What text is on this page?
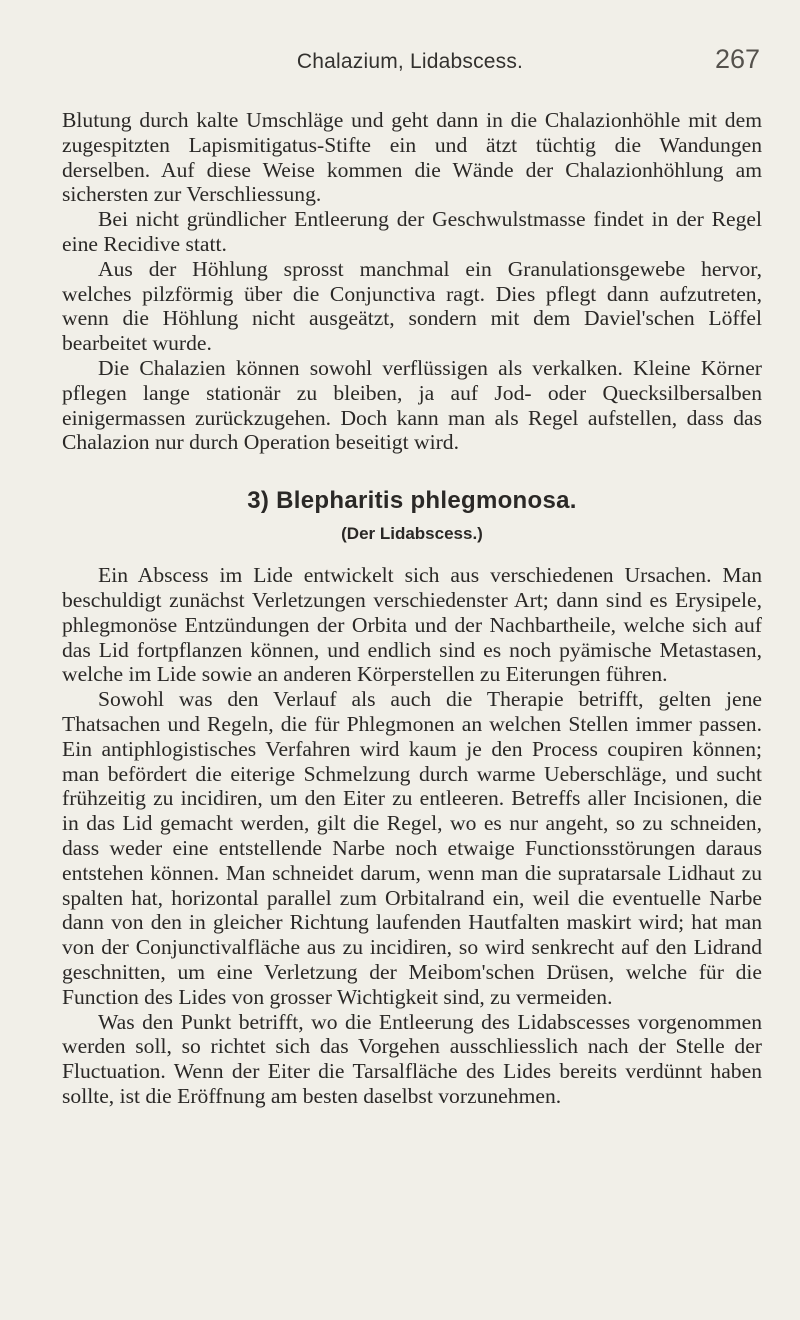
Chalazium, Lidabscess.	267

Blutung durch kalte Umschläge und geht dann in die Chalazionhöhle mit dem zugespitzten Lapismitigatus-Stifte ein und ätzt tüchtig die Wandungen derselben. Auf diese Weise kommen die Wände der Chalazionhöhlung am sichersten zur Verschliessung.

Bei nicht gründlicher Entleerung der Geschwulstmasse findet in der Regel eine Recidive statt.

Aus der Höhlung sprosst manchmal ein Granulationsgewebe hervor, welches pilzförmig über die Conjunctiva ragt. Dies pflegt dann aufzutreten, wenn die Höhlung nicht ausgeätzt, sondern mit dem Daviel'schen Löffel bearbeitet wurde.

Die Chalazien können sowohl verflüssigen als verkalken. Kleine Körner pflegen lange stationär zu bleiben, ja auf Jod- oder Quecksilbersalben einigermassen zurückzugehen. Doch kann man als Regel aufstellen, dass das Chalazion nur durch Operation beseitigt wird.

3) Blepharitis phlegmonosa.
(Der Lidabscess.)

Ein Abscess im Lide entwickelt sich aus verschiedenen Ursachen. Man beschuldigt zunächst Verletzungen verschiedenster Art; dann sind es Erysipele, phlegmonöse Entzündungen der Orbita und der Nachbartheile, welche sich auf das Lid fortpflanzen können, und endlich sind es noch pyämische Metastasen, welche im Lide sowie an anderen Körperstellen zu Eiterungen führen.

Sowohl was den Verlauf als auch die Therapie betrifft, gelten jene Thatsachen und Regeln, die für Phlegmonen an welchen Stellen immer passen. Ein antiphlogistisches Verfahren wird kaum je den Process coupiren können; man befördert die eiterige Schmelzung durch warme Ueberschläge, und sucht frühzeitig zu incidiren, um den Eiter zu entleeren. Betreffs aller Incisionen, die in das Lid gemacht werden, gilt die Regel, wo es nur angeht, so zu schneiden, dass weder eine entstellende Narbe noch etwaige Functionsstörungen daraus entstehen können. Man schneidet darum, wenn man die supratarsale Lidhaut zu spalten hat, horizontal parallel zum Orbitalrand ein, weil die eventuelle Narbe dann von den in gleicher Richtung laufenden Hautfalten maskirt wird; hat man von der Conjunctivalfläche aus zu incidiren, so wird senkrecht auf den Lidrand geschnitten, um eine Verletzung der Meibom'schen Drüsen, welche für die Function des Lides von grosser Wichtigkeit sind, zu vermeiden.

Was den Punkt betrifft, wo die Entleerung des Lidabscesses vorgenommen werden soll, so richtet sich das Vorgehen ausschliesslich nach der Stelle der Fluctuation. Wenn der Eiter die Tarsalfläche des Lides bereits verdünnt haben sollte, ist die Eröffnung am besten daselbst vorzunehmen.
